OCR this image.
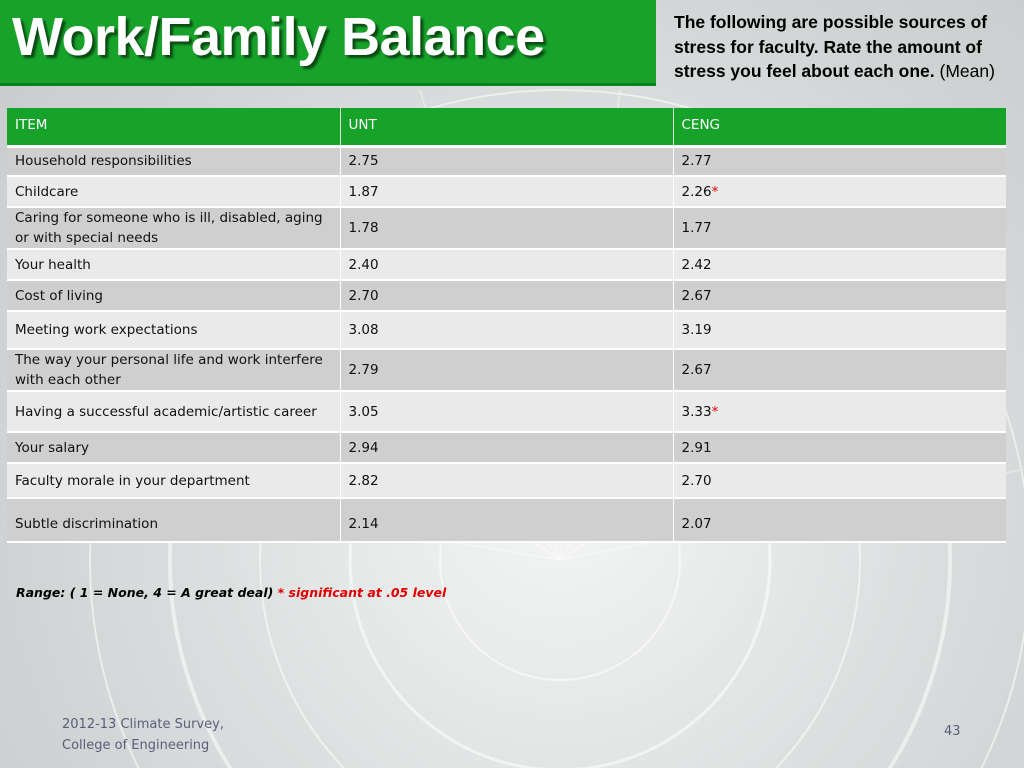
Work/Family Balance	The following are possible sources of stress for faculty. Rate the amount of stress you feel about each one. (Mean)
ITEM	UNT	CENG
Household responsibilities	2.75	2.77
Childcare	1.87	2.26*
Caring for someone who is ill, disabled, aging or with special needs	1.78	1.77
Your health	2.40	2.42
Cost of living	2.70	2.67
Meeting work expectations	3.08	3.19
The way your personal life and work interfere with each other	2.79	2.67
Having a successful academic/artistic career	3.05	3.33*
Your salary	2.94	2.91
Faculty morale in your department	2.82	2.70
Subtle discrimination	2.14	2.07
Range: ( 1 = None, 4 = A great deal) * significant at .05 level
2012-13 Climate Survey,
College of Engineering
43
